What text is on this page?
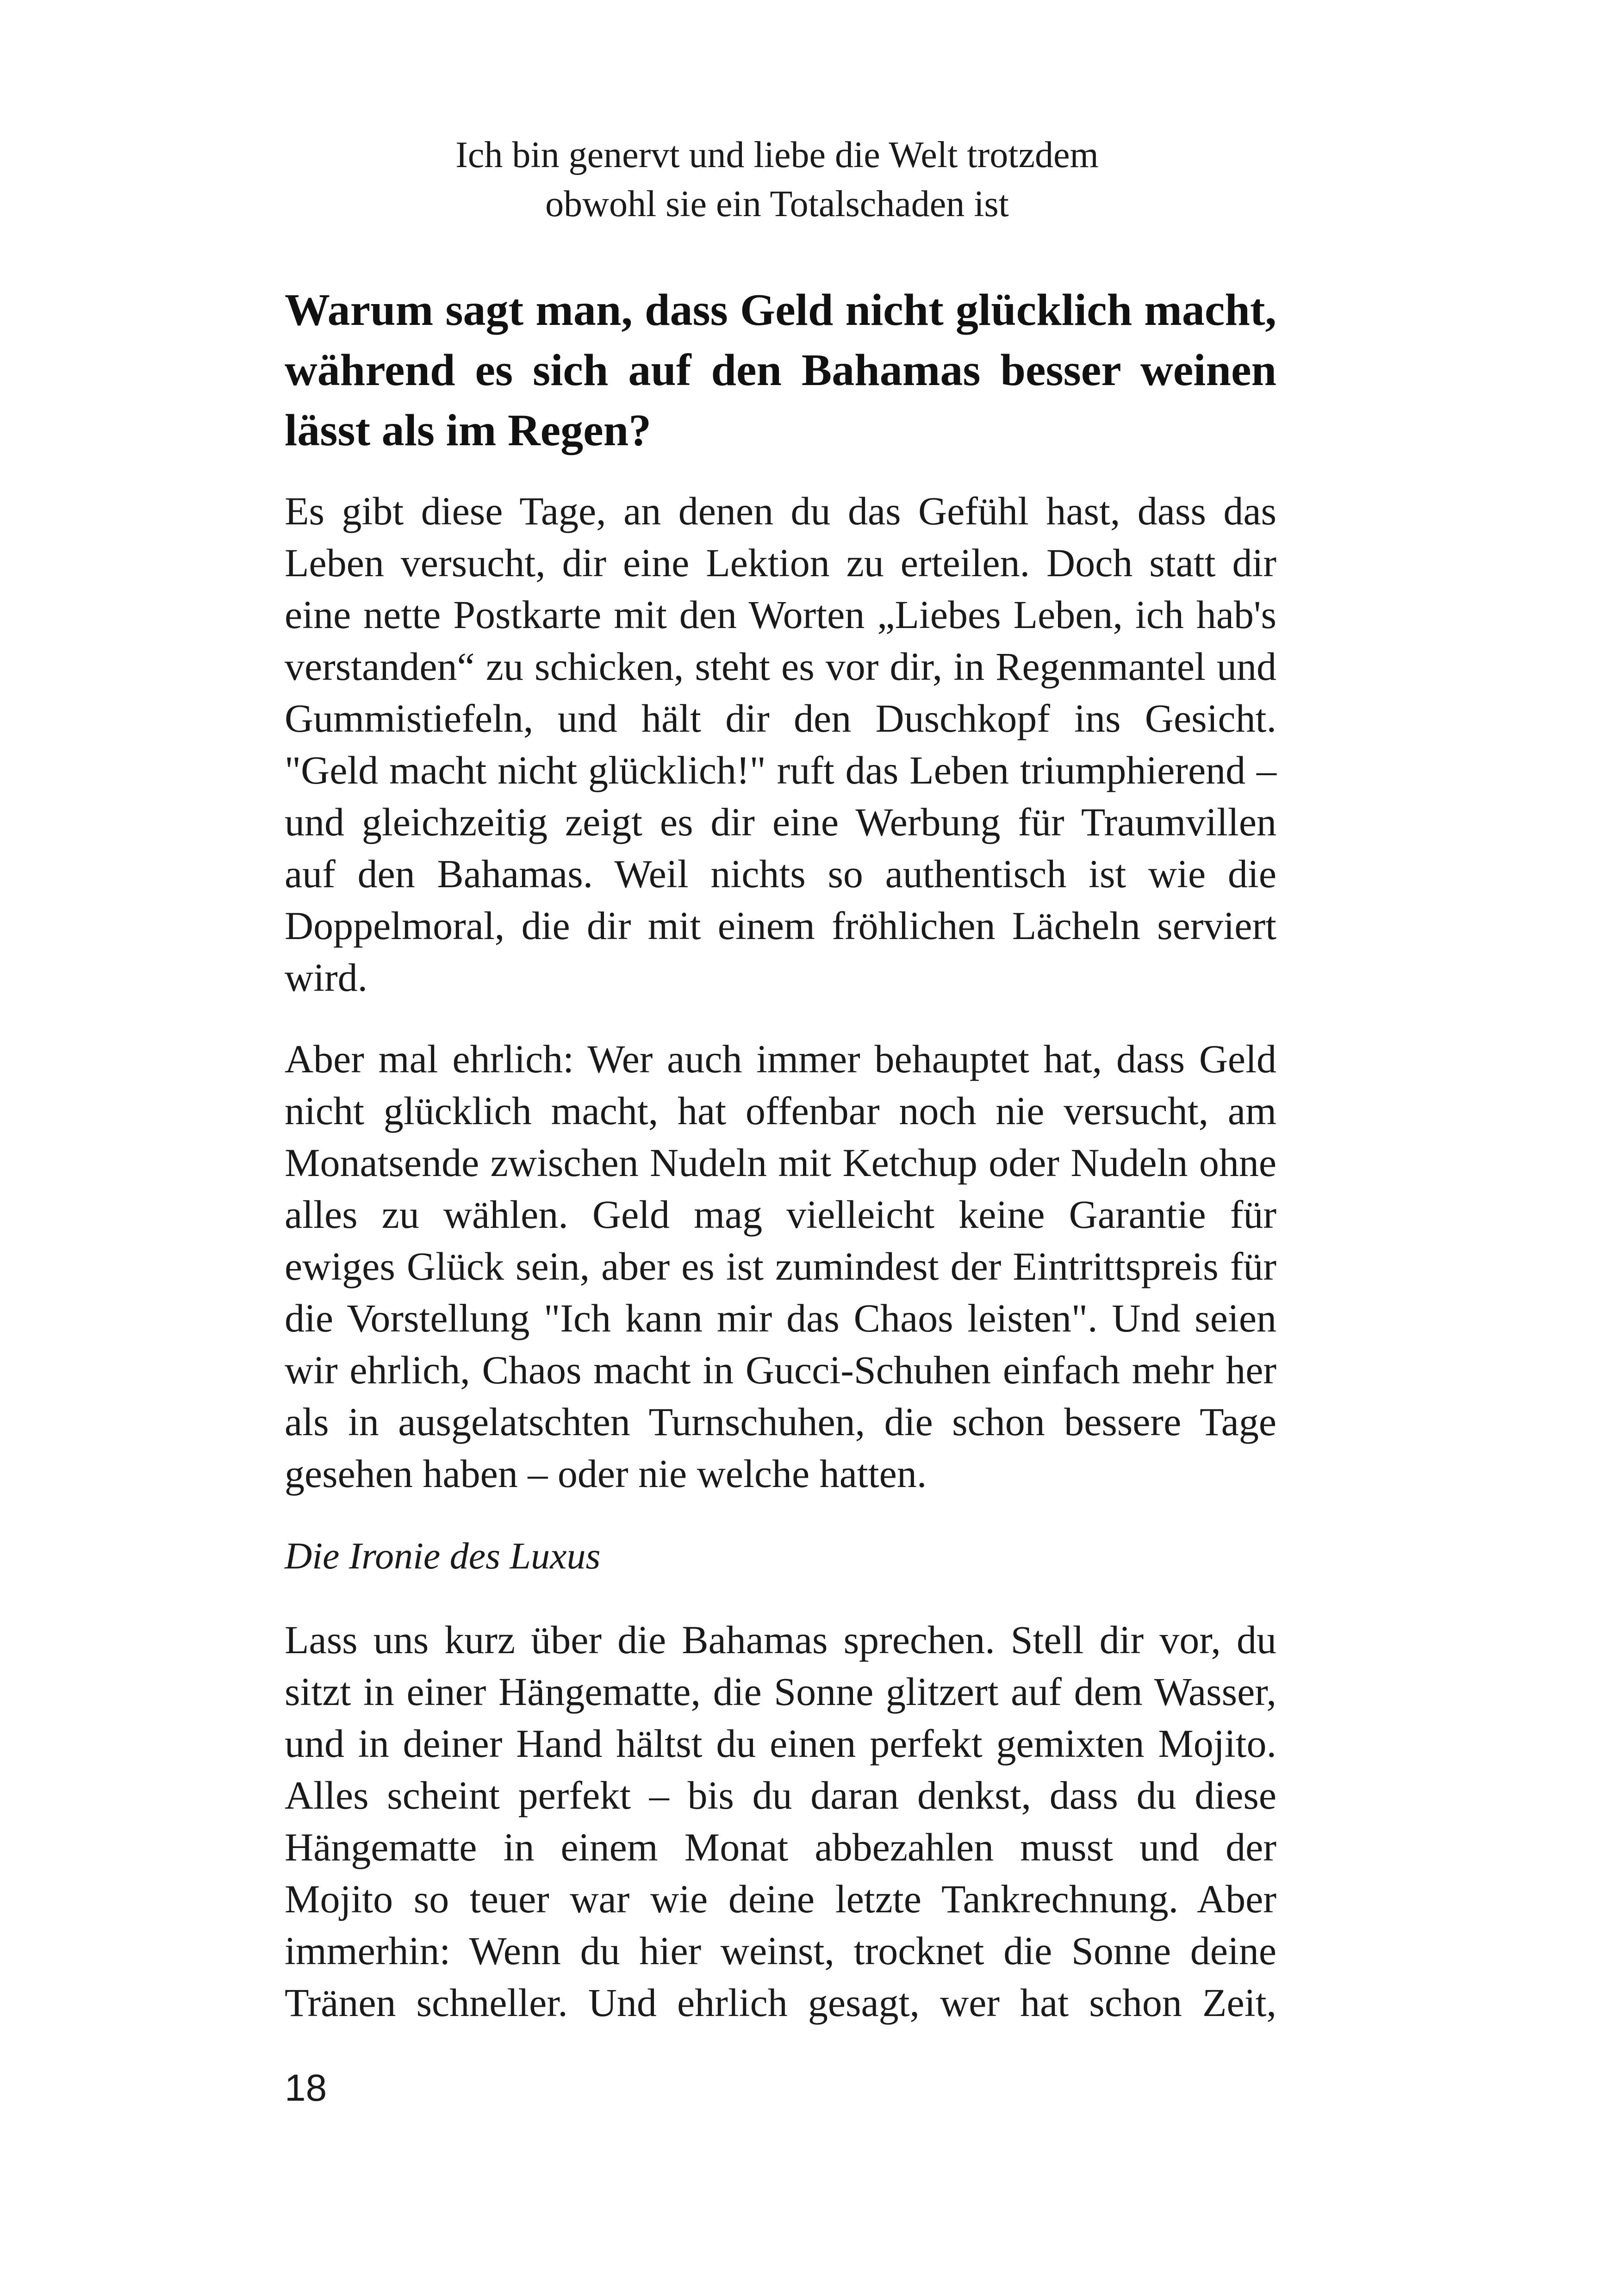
Ich bin genervt und liebe die Welt trotzdem
obwohl sie ein Totalschaden ist
Warum sagt man, dass Geld nicht glücklich macht, während es sich auf den Bahamas besser weinen lässt als im Regen?

Es gibt diese Tage, an denen du das Gefühl hast, dass das Leben versucht, dir eine Lektion zu erteilen. Doch statt dir eine nette Postkarte mit den Worten „Liebes Leben, ich hab's verstanden“ zu schicken, steht es vor dir, in Regenmantel und Gummistiefeln, und hält dir den Duschkopf ins Gesicht. "Geld macht nicht glücklich!" ruft das Leben triumphierend – und gleichzeitig zeigt es dir eine Werbung für Traumvillen auf den Bahamas. Weil nichts so authentisch ist wie die Doppelmoral, die dir mit einem fröhlichen Lächeln serviert wird.

Aber mal ehrlich: Wer auch immer behauptet hat, dass Geld nicht glücklich macht, hat offenbar noch nie versucht, am Monatsende zwischen Nudeln mit Ketchup oder Nudeln ohne alles zu wählen. Geld mag vielleicht keine Garantie für ewiges Glück sein, aber es ist zumindest der Eintrittspreis für die Vorstellung "Ich kann mir das Chaos leisten". Und seien wir ehrlich, Chaos macht in Gucci-Schuhen einfach mehr her als in ausgelatschten Turnschuhen, die schon bessere Tage gesehen haben – oder nie welche hatten.

Die Ironie des Luxus

Lass uns kurz über die Bahamas sprechen. Stell dir vor, du sitzt in einer Hängematte, die Sonne glitzert auf dem Wasser, und in deiner Hand hältst du einen perfekt gemixten Mojito. Alles scheint perfekt – bis du daran denkst, dass du diese Hängematte in einem Monat abbezahlen musst und der Mojito so teuer war wie deine letzte Tankrechnung. Aber immerhin: Wenn du hier weinst, trocknet die Sonne deine Tränen schneller. Und ehrlich gesagt, wer hat schon Zeit,

18
